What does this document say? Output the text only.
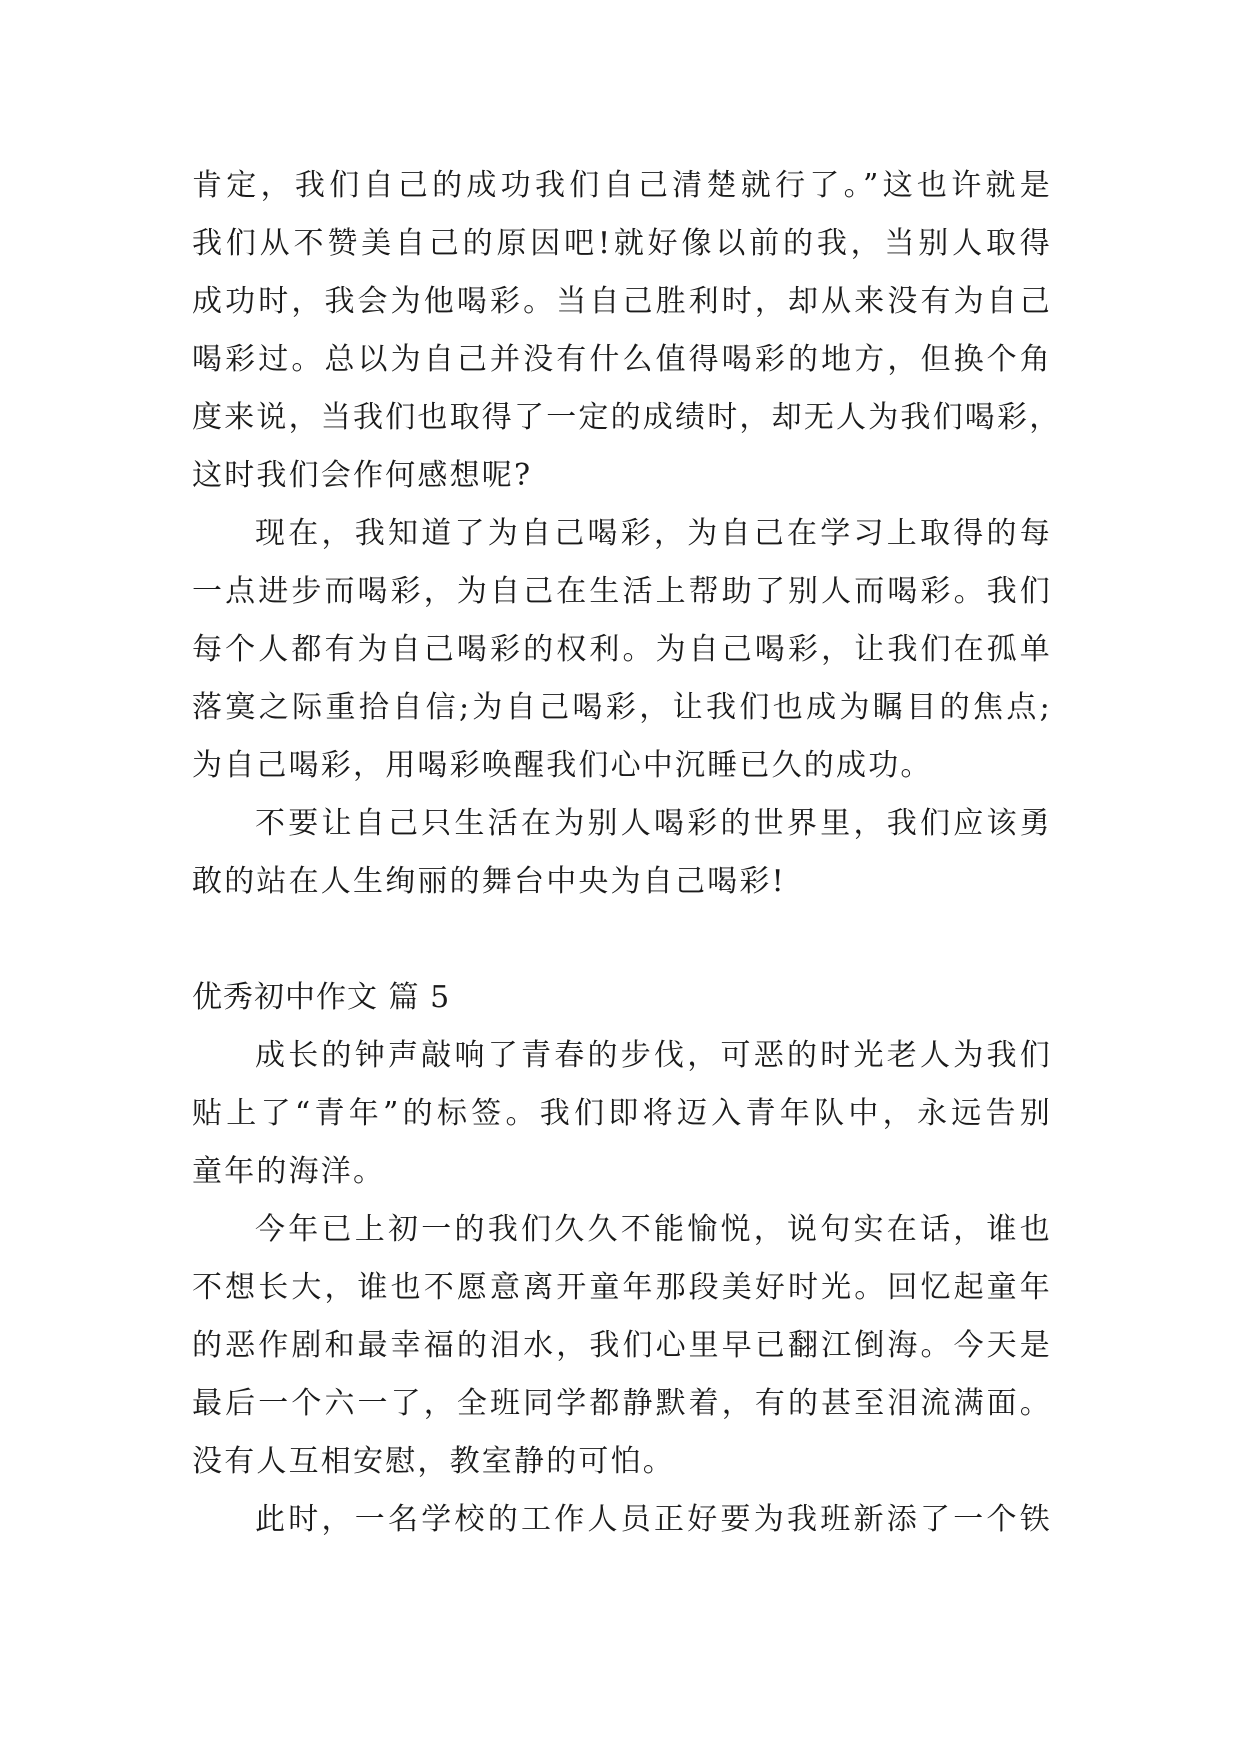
肯定，我们自己的成功我们自己清楚就行了。”这也许就是
我们从不赞美自己的原因吧!就好像以前的我，当别人取得
成功时，我会为他喝彩。当自己胜利时，却从来没有为自己
喝彩过。总以为自己并没有什么值得喝彩的地方，但换个角
度来说，当我们也取得了一定的成绩时，却无人为我们喝彩，
这时我们会作何感想呢?
现在，我知道了为自己喝彩，为自己在学习上取得的每
一点进步而喝彩，为自己在生活上帮助了别人而喝彩。我们
每个人都有为自己喝彩的权利。为自己喝彩，让我们在孤单
落寞之际重拾自信;为自己喝彩，让我们也成为瞩目的焦点;
为自己喝彩，用喝彩唤醒我们心中沉睡已久的成功。
不要让自己只生活在为别人喝彩的世界里，我们应该勇
敢的站在人生绚丽的舞台中央为自己喝彩!
优秀初中作文 篇 5
成长的钟声敲响了青春的步伐，可恶的时光老人为我们
贴上了“青年”的标签。我们即将迈入青年队中，永远告别
童年的海洋。
今年已上初一的我们久久不能愉悦，说句实在话，谁也
不想长大，谁也不愿意离开童年那段美好时光。回忆起童年
的恶作剧和最幸福的泪水，我们心里早已翻江倒海。今天是
最后一个六一了，全班同学都静默着，有的甚至泪流满面。
没有人互相安慰，教室静的可怕。
此时，一名学校的工作人员正好要为我班新添了一个铁
